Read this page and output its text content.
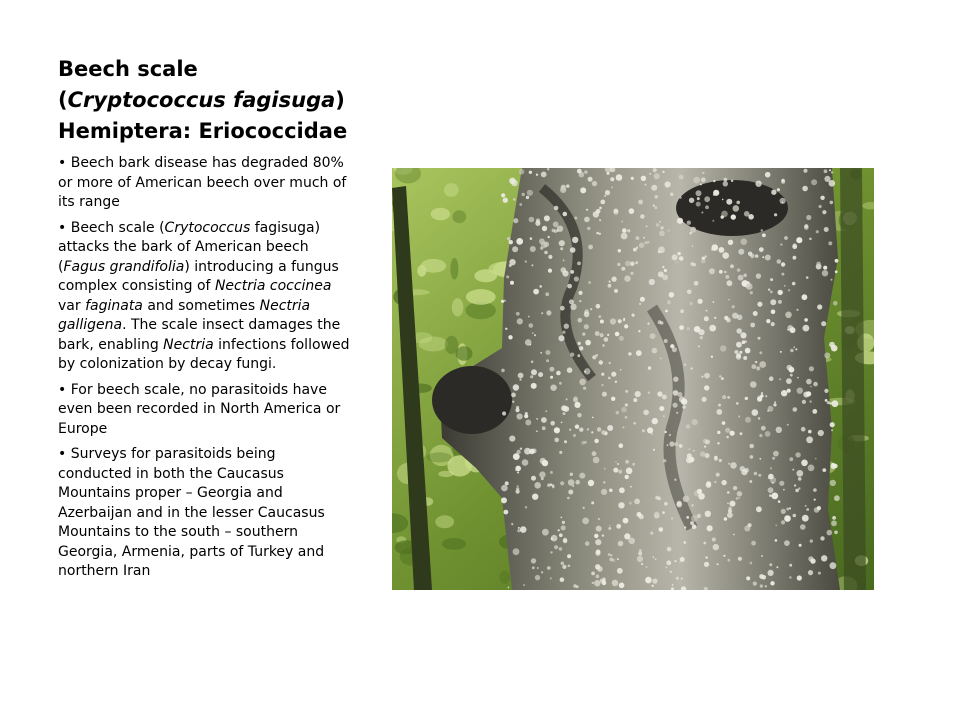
Beech scale
(Cryptococcus fagisuga)
Hemiptera: Eriococcidae
• Beech bark disease has degraded 80% or more of American beech over much of its range
• Beech scale (Crytococcus fagisuga) attacks the bark of American beech (Fagus grandifolia) introducing a fungus complex consisting of Nectria coccinea var faginata and sometimes Nectria galligena. The scale insect damages the bark, enabling Nectria infections followed by colonization by decay fungi.
• For beech scale, no parasitoids have even been recorded in North America or Europe
• Surveys for parasitoids being conducted in both the Caucasus Mountains proper – Georgia and Azerbaijan and in the lesser Caucasus Mountains to the south – southern Georgia, Armenia, parts of Turkey and northern Iran
